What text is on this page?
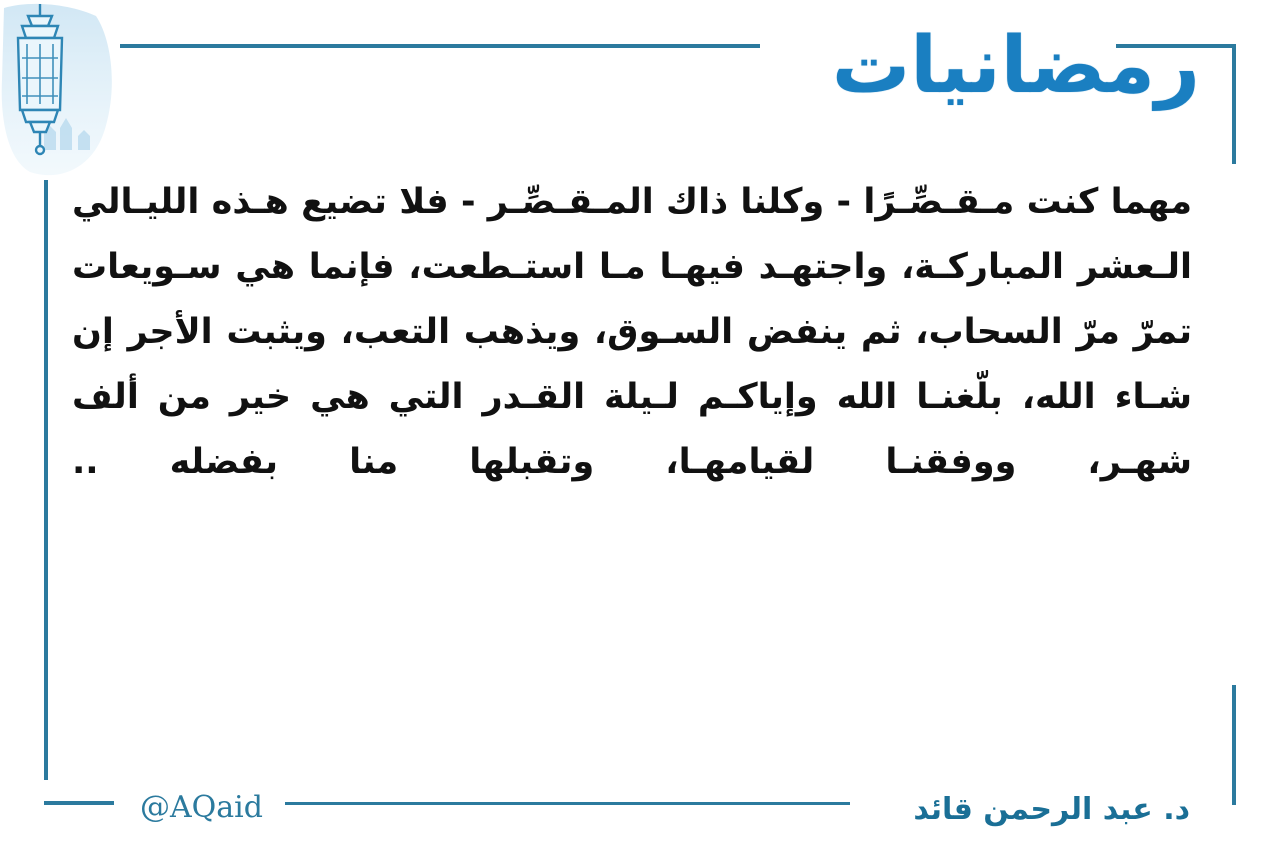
رمضانيات

مهما كنت مـقـصِّـرًا - وكلنا ذاك المـقـصِّـر - فلا تضيع هـذه الليـالي الـعشر المباركـة، واجتهـد فيهـا مـا استـطعت، فإنما هي سـويعات تمرّ مرّ السحاب، ثم ينفض السـوق، ويذهب التعب، ويثبت الأجر إن شـاء الله، بلّغنـا الله وإياكـم لـيلة القـدر التي هي خير من ألف شهـر، ووفقنـا لقيامهـا، وتقبلها منا بفضله ..

@AQaid	د. عبد الرحمن قائد
